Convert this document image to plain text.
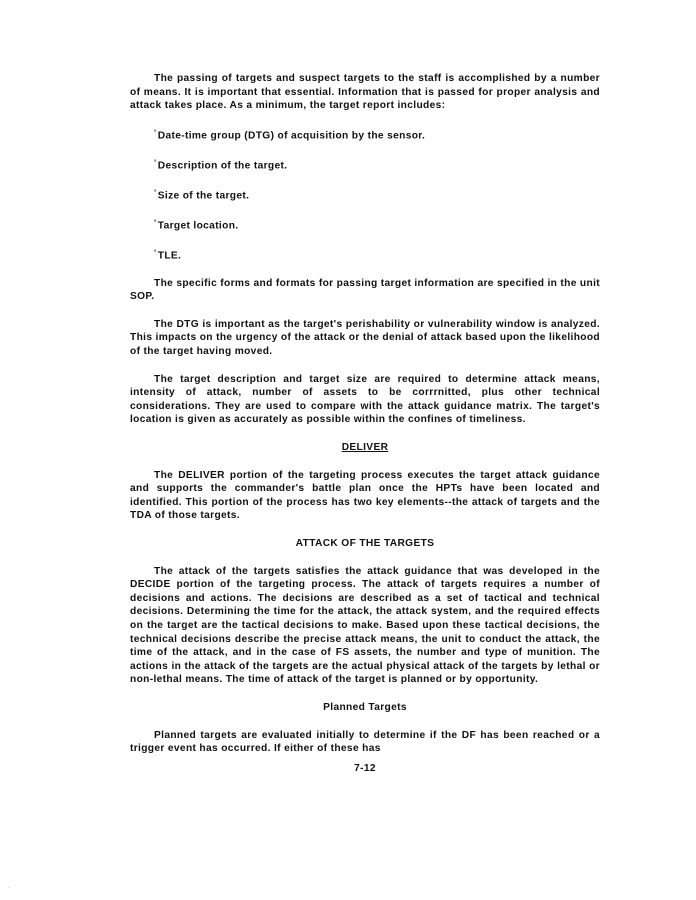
The passing of targets and suspect targets to the staff is accomplished by a number of means. It is important that essential. Information that is passed for proper analysis and attack takes place. As a minimum, the target report includes:

°Date-time group (DTG) of acquisition by the sensor.
°Description of the target.
°Size of the target.
°Target location.
°TLE.

The specific forms and formats for passing target information are specified in the unit SOP.

The DTG is important as the target's perishability or vulnerability window is analyzed. This impacts on the urgency of the attack or the denial of attack based upon the likelihood of the target having moved.

The target description and target size are required to determine attack means, intensity of attack, number of assets to be corrrnitted, plus other technical considerations. They are used to compare with the attack guidance matrix. The target's location is given as accurately as possible within the confines of timeliness.

DELIVER

The DELIVER portion of the targeting process executes the target attack guidance and supports the commander's battle plan once the HPTs have been located and identified. This portion of the process has two key elements--the attack of targets and the TDA of those targets.

ATTACK OF THE TARGETS

The attack of the targets satisfies the attack guidance that was developed in the DECIDE portion of the targeting process. The attack of targets requires a number of decisions and actions. The decisions are described as a set of tactical and technical decisions. Determining the time for the attack, the attack system, and the required effects on the target are the tactical decisions to make. Based upon these tactical decisions, the technical decisions describe the precise attack means, the unit to conduct the attack, the time of the attack, and in the case of FS assets, the number and type of munition. The actions in the attack of the targets are the actual physical attack of the targets by lethal or non-lethal means. The time of attack of the target is planned or by opportunity.

Planned Targets

Planned targets are evaluated initially to determine if the DF has been reached or a trigger event has occurred. If either of these has

7-12
.
